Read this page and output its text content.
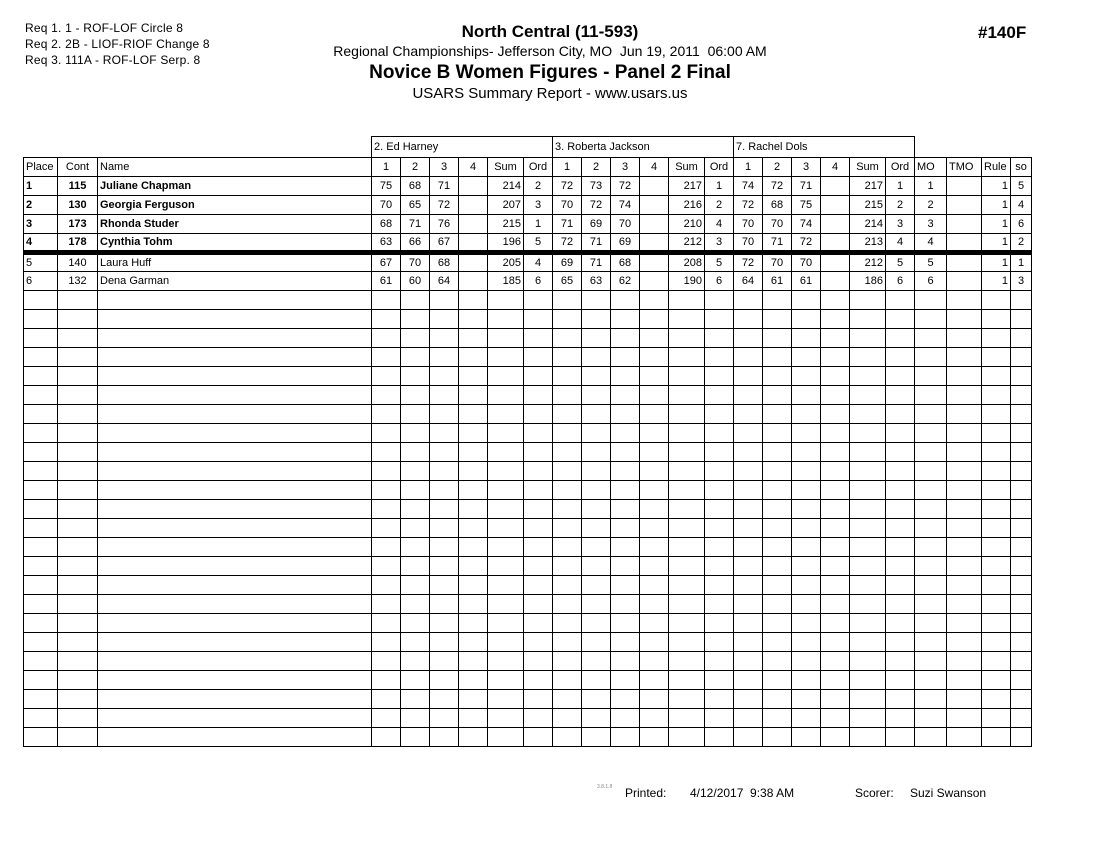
Req 1. 1 - ROF-LOF Circle 8
Req 2. 2B - LIOF-RIOF Change 8
Req 3. 111A - ROF-LOF Serp. 8
North Central (11-593)
Regional Championships- Jefferson City, MO  Jun 19, 2011  06:00 AM
Novice B Women Figures - Panel 2 Final
USARS Summary Report - www.usars.us
#140F
			2. Ed Harney						3. Roberta Jackson						7. Rachel Dols									
Place	Cont	Name	1	2	3	4	Sum	Ord	1	2	3	4	Sum	Ord	1	2	3	4	Sum	Ord	MO	TMO	Rule	so
1	115	Juliane Chapman	75	68	71		214	2	72	73	72		217	1	74	72	71		217	1	1		1	5
2	130	Georgia Ferguson	70	65	72		207	3	70	72	74		216	2	72	68	75		215	2	2		1	4
3	173	Rhonda Studer	68	71	76		215	1	71	69	70		210	4	70	70	74		214	3	3		1	6
4	178	Cynthia Tohm	63	66	67		196	5	72	71	69		212	3	70	71	72		213	4	4		1	2
5	140	Laura Huff	67	70	68		205	4	69	71	68		208	5	72	70	70		212	5	5		1	1
6	132	Dena Garman	61	60	64		185	6	65	63	62		190	6	64	61	61		186	6	6		1	3

3.8.1.8 Printed: 4/12/2017  9:38 AM	Scorer: Suzi Swanson
